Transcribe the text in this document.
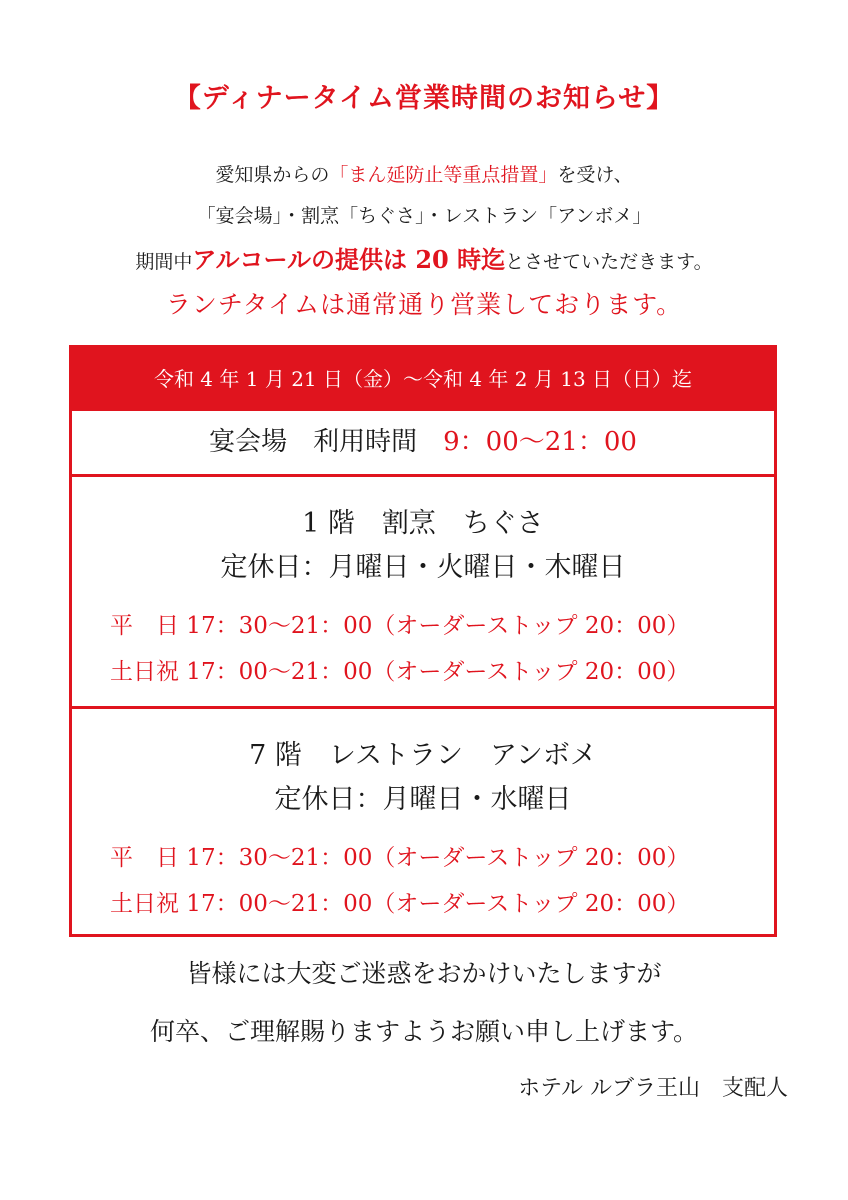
【ディナータイム営業時間のお知らせ】
愛知県からの「まん延防止等重点措置」を受け、
「宴会場」・割烹「ちぐさ」・レストラン「アンボメ」
期間中アルコールの提供は 20 時迄とさせていただきます。
ランチタイムは通常通り営業しております。
令和 4 年 1 月 21 日（金）～令和 4 年 2 月 13 日（日）迄
宴会場　利用時間　 9：00～21：00
1 階　割烹　ちぐさ
定休日：月曜日・火曜日・木曜日
平　日 17：30～21：00（オーダーストップ 20：00）
土日祝 17：00～21：00（オーダーストップ 20：00）
7 階　レストラン　アンボメ
定休日：月曜日・水曜日
平　日 17：30～21：00（オーダーストップ 20：00）
土日祝 17：00～21：00（オーダーストップ 20：00）
皆様には大変ご迷惑をおかけいたしますが
何卒、ご理解賜りますようお願い申し上げます。
ホテル ルブラ王山　支配人
